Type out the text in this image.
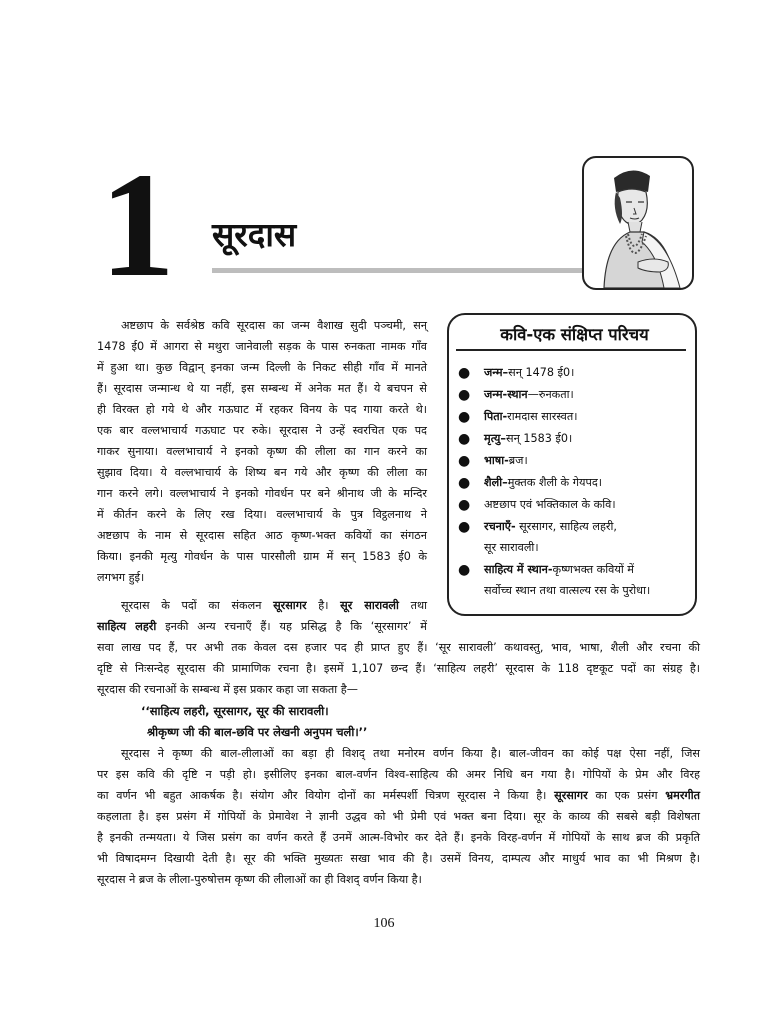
1 सूरदास
अष्टछाप के सर्वश्रेष्ठ कवि सूरदास का जन्म वैशाख सुदी पञ्चमी, सन्
1478 ई0 में आगरा से मथुरा जानेवाली सड़क के पास रुनकता नामक गाँव
में हुआ था। कुछ विद्वान् इनका जन्म दिल्ली के निकट सीही गाँव में मानते
हैं। सूरदास जन्मान्ध थे या नहीं, इस सम्बन्ध में अनेक मत हैं। ये बचपन से
ही विरक्त हो गये थे और गऊघाट में रहकर विनय के पद गाया करते थे।
एक बार वल्लभाचार्य गऊघाट पर रुके। सूरदास ने उन्हें स्वरचित एक पद
गाकर सुनाया। वल्लभाचार्य ने इनको कृष्ण की लीला का गान करने का
सुझाव दिया। ये वल्लभाचार्य के शिष्य बन गये और कृष्ण की लीला का
गान करने लगे। वल्लभाचार्य ने इनको गोवर्धन पर बने श्रीनाथ जी के मन्दिर
में कीर्तन करने के लिए रख दिया। वल्लभाचार्य के पुत्र विट्ठलनाथ ने
अष्टछाप के नाम से सूरदास सहित आठ कृष्ण-भक्त कवियों का संगठन
किया। इनकी मृत्यु गोवर्धन के पास पारसौली ग्राम में सन् 1583 ई0 के
लगभग हुई।
सूरदास के पदों का संकलन सूरसागर है। सूर सारावली तथा
साहित्य लहरी इनकी अन्य रचनाएँ हैं। यह प्रसिद्ध है कि ‘सूरसागर’ में
सवा लाख पद हैं, पर अभी तक केवल दस हजार पद ही प्राप्त हुए हैं। ‘सूर सारावली’ कथावस्तु, भाव, भाषा, शैली और रचना की
दृष्टि से निःसन्देह सूरदास की प्रामाणिक रचना है। इसमें 1,107 छन्द हैं। ‘साहित्य लहरी’ सूरदास के 118 दृष्टकूट पदों का संग्रह है।
सूरदास की रचनाओं के सम्बन्ध में इस प्रकार कहा जा सकता है—
‘‘साहित्य लहरी, सूरसागर, सूर की सारावली।
श्रीकृष्ण जी की बाल-छवि पर लेखनी अनुपम चली।’’
सूरदास ने कृष्ण की बाल-लीलाओं का बड़ा ही विशद् तथा मनोरम वर्णन किया है। बाल-जीवन का कोई पक्ष ऐसा नहीं, जिस
पर इस कवि की दृष्टि न पड़ी हो। इसीलिए इनका बाल-वर्णन विश्व-साहित्य की अमर निधि बन गया है। गोपियों के प्रेम और विरह
का वर्णन भी बहुत आकर्षक है। संयोग और वियोग दोनों का मर्मस्पर्शी चित्रण सूरदास ने किया है। सूरसागर का एक प्रसंग भ्रमरगीत
कहलाता है। इस प्रसंग में गोपियों के प्रेमावेश ने ज्ञानी उद्धव को भी प्रेमी एवं भक्त बना दिया। सूर के काव्य की सबसे बड़ी विशेषता
है इनकी तन्मयता। ये जिस प्रसंग का वर्णन करते हैं उनमें आत्म-विभोर कर देते हैं। इनके विरह-वर्णन में गोपियों के साथ ब्रज की प्रकृति
भी विषादमग्न दिखायी देती है। सूर की भक्ति मुख्यतः सखा भाव की है। उसमें विनय, दाम्पत्य और माधुर्य भाव का भी मिश्रण है।
सूरदास ने ब्रज के लीला-पुरुषोत्तम कृष्ण की लीलाओं का ही विशद् वर्णन किया है।
कवि-एक संक्षिप्त परिचय
● जन्म–सन् 1478 ई0।
● जन्म-स्थान—रुनकता।
● पिता-रामदास सारस्वत।
● मृत्यु–सन् 1583 ई0।
● भाषा-ब्रज।
● शैली–मुक्तक शैली के गेयपद।
● अष्टछाप एवं भक्तिकाल के कवि।
● रचनाएँ- सूरसागर, साहित्य लहरी,
सूर सारावली।
● साहित्य में स्थान-कृष्णभक्त कवियों में
सर्वोच्च स्थान तथा वात्सल्य रस के पुरोधा।
106
